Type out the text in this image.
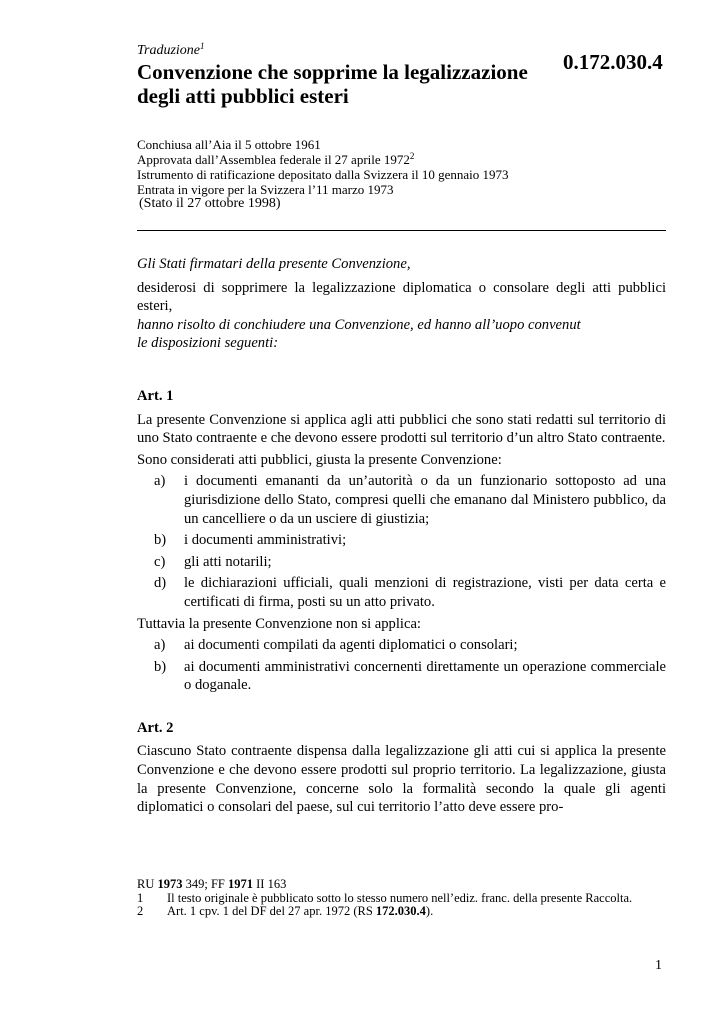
Traduzione$^1$
Convenzione che sopprime la legalizzazione
degli atti pubblici esteri
0.172.030.4
Conchiusa all’Aia il 5 ottobre 1961
Approvata dall’Assemblea federale il 27 aprile 1972$^2$
Istrumento di ratificazione depositato dalla Svizzera il 10 gennaio 1973
Entrata in vigore per la Svizzera l’11 marzo 1973
(Stato il 27 ottobre 1998)

Gli Stati firmatari della presente Convenzione,

desiderosi di sopprimere la legalizzazione diplomatica o consolare degli atti pubblici esteri,

hanno risolto di conchiudere una Convenzione, ed hanno all’uopo convenut

le disposizioni seguenti:

Art. 1

La presente Convenzione si applica agli atti pubblici che sono stati redatti sul territorio di uno Stato contraente e che devono essere prodotti sul territorio d’un altro Stato contraente.

Sono considerati atti pubblici, giusta la presente Convenzione:

a)	i documenti emananti da un’autorità o da un funzionario sottoposto ad una giurisdizione dello Stato, compresi quelli che emanano dal Ministero pubblico, da un cancelliere o da un usciere di giustizia;
b)	i documenti amministrativi;
c)	gli atti notarili;
d)	le dichiarazioni ufficiali, quali menzioni di registrazione, visti per data certa e certificati di firma, posti su un atto privato.

Tuttavia la presente Convenzione non si applica:

a)	ai documenti compilati da agenti diplomatici o consolari;
b)	ai documenti amministrativi concernenti direttamente un operazione commerciale o doganale.

Art. 2

Ciascuno Stato contraente dispensa dalla legalizzazione gli atti cui si applica la presente Convenzione e che devono essere prodotti sul proprio territorio. La legalizzazione, giusta la presente Convenzione, concerne solo la formalità secondo la quale gli agenti diplomatici o consolari del paese, sul cui territorio l’atto deve essere pro-

RU 1973 349; FF 1971 II 163
1	Il testo originale è pubblicato sotto lo stesso numero nell’ediz. franc. della presente Raccolta.
2	Art. 1 cpv. 1 del DF del 27 apr. 1972 (RS 172.030.4).
1
